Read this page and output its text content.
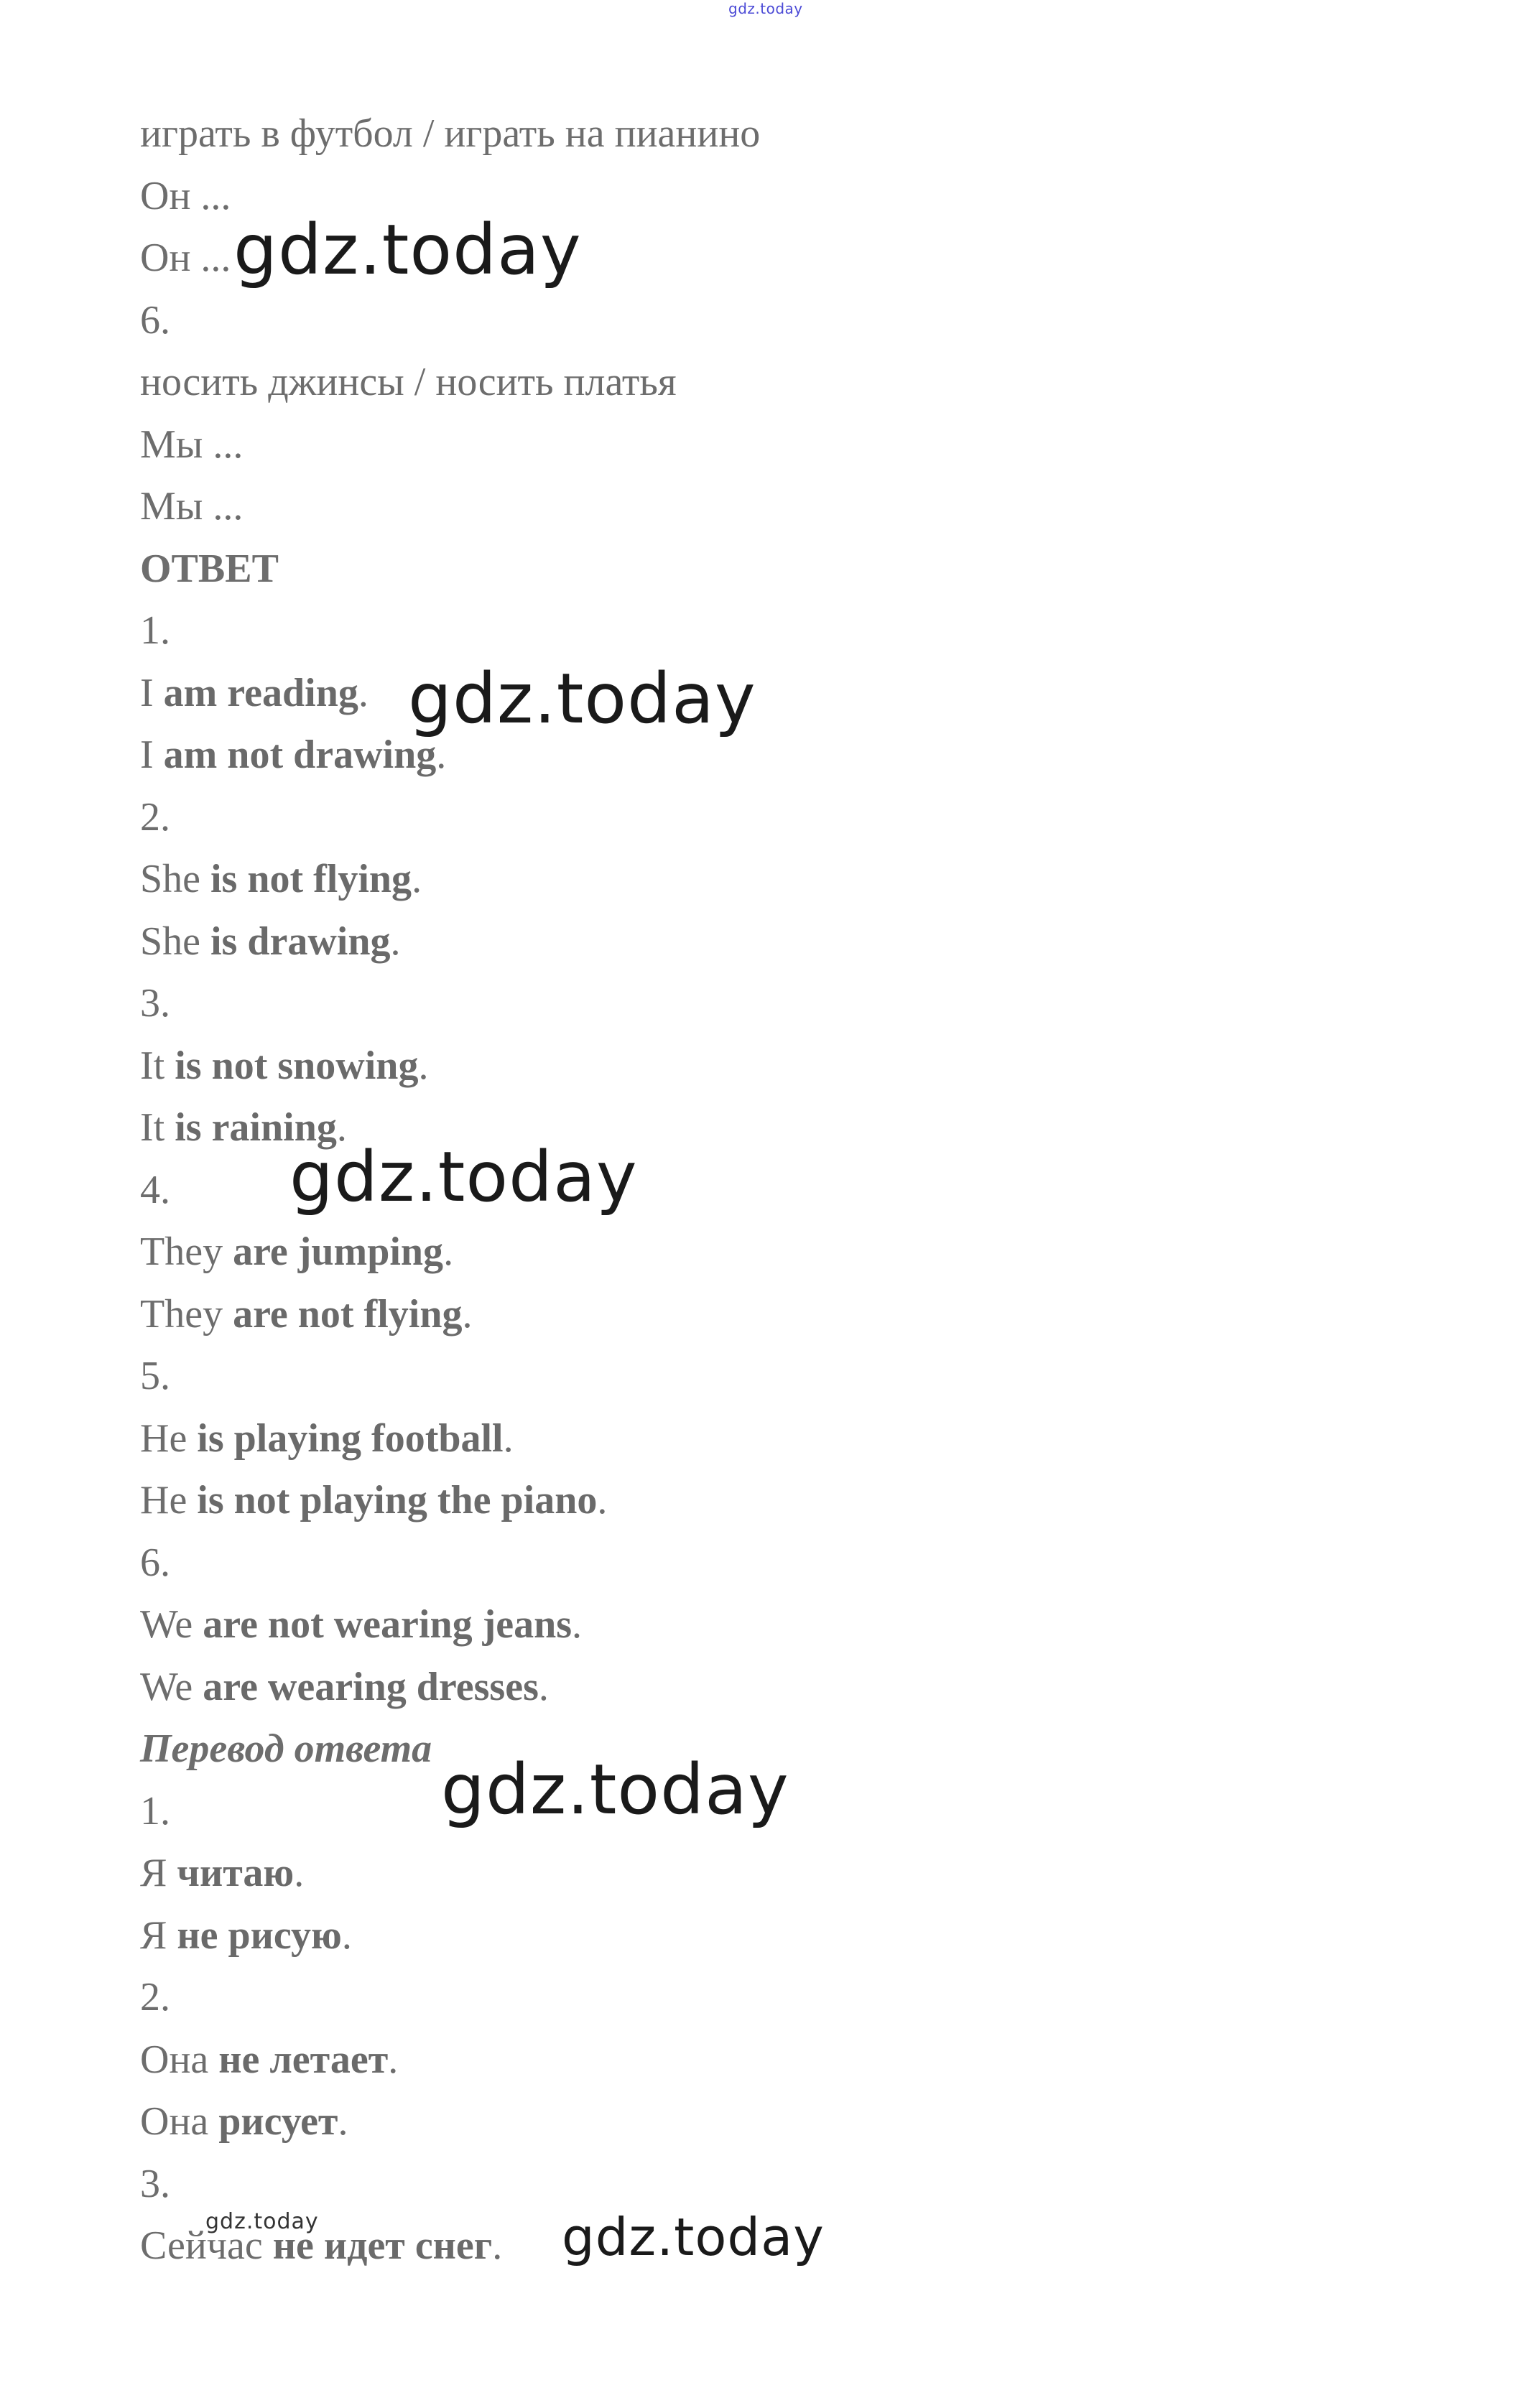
gdz.today
играть в футбол / играть на пианино
Он ...
Он ...
6.
носить джинсы / носить платья
Мы ...
Мы ...
ОТВЕТ
1.
I am reading.
I am not drawing.
2.
She is not flying.
She is drawing.
3.
It is not snowing.
It is raining.
4.
They are jumping.
They are not flying.
5.
He is playing football.
He is not playing the piano.
6.
We are not wearing jeans.
We are wearing dresses.
Перевод ответа
1.
Я читаю.
Я не рисую.
2.
Она не летает.
Она рисует.
3.
Сейчас не идет снег.
gdz.today
gdz.today
gdz.today
gdz.today
gdz.today
gdz.today
